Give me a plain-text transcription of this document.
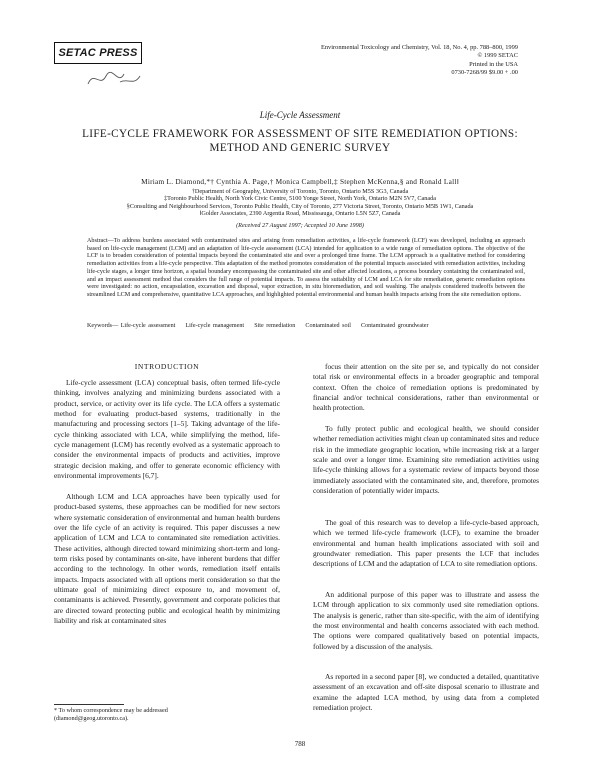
SETAC PRESS	Environmental Toxicology and Chemistry, Vol. 18, No. 4, pp. 788–800, 1999
© 1999 SETAC
Printed in the USA
0730-7268/99 $9.00 + .00
Life-Cycle Assessment
LIFE-CYCLE FRAMEWORK FOR ASSESSMENT OF SITE REMEDIATION OPTIONS:
METHOD AND GENERIC SURVEY
Miriam L. Diamond,*† Cynthia A. Page,† Monica Campbell,‡ Stephen McKenna,§ and Ronald Lall‖
†Department of Geography, University of Toronto, Toronto, Ontario M5S 3G3, Canada
‡Toronto Public Health, North York Civic Centre, 5100 Yonge Street, North York, Ontario M2N 5V7, Canada
§Consulting and Neighbourhood Services, Toronto Public Health, City of Toronto, 277 Victoria Street, Toronto, Ontario M5B 1W1, Canada
‖Golder Associates, 2390 Argentia Road, Mississauga, Ontario L5N 5Z7, Canada
(Received 27 August 1997; Accepted 10 June 1998)
Abstract—To address burdens associated with contaminated sites and arising from remediation activities, a life-cycle framework (LCF) was developed, including an approach based on life-cycle management (LCM) and an adaptation of life-cycle assessment (LCA) intended for application to a wide range of remediation options. The objective of the LCF is to broaden consideration of potential impacts beyond the contaminated site and over a prolonged time frame. The LCM approach is a qualitative method for considering remediation activities from a life-cycle perspective. This adaptation of the method promotes consideration of the potential impacts associated with remediation activities, including life-cycle stages, a longer time horizon, a spatial boundary encompassing the contaminated site and other affected locations, a process boundary containing the contaminated soil, and an impact assessment method that considers the full range of potential impacts. To assess the suitability of LCM and LCA for site remediation, generic remediation options were investigated: no action, encapsulation, excavation and disposal, vapor extraction, in situ bioremediation, and soil washing. The analysis considered tradeoffs between the streamlined LCM and comprehensive, quantitative LCA approaches, and highlighted potential environmental and human health impacts arising from the site remediation options.
Keywords— Life-cycle assessment Life-cycle management Site remediation Contaminated soil Contaminated groundwater
INTRODUCTION

Life-cycle assessment (LCA) conceptual basis, often termed life-cycle thinking, involves analyzing and minimizing burdens associated with a product, service, or activity over its life cycle. The LCA offers a systematic method for evaluating product-based systems, traditionally in the manufacturing and processing sectors [1–5]. Taking advantage of the life-cycle thinking associated with LCA, while simplifying the method, life-cycle management (LCM) has recently evolved as a systematic approach to consider the environmental impacts of products and activities, improve strategic decision making, and offer to generate economic efficiency with environmental improvements [6,7].

Although LCM and LCA approaches have been typically used for product-based systems, these approaches can be modified for new sectors where systematic consideration of environmental and human health burdens over the life cycle of an activity is required. This paper discusses a new application of LCM and LCA to contaminated site remediation activities. These activities, although directed toward minimizing short-term and long-term risks posed by contaminants on-site, have inherent burdens that differ according to the technology. In other words, remediation itself entails impacts. Impacts associated with all options merit consideration so that the ultimate goal of minimizing direct exposure to, and movement of, contaminants is achieved. Presently, government and corporate policies that are directed toward protecting public and ecological health by minimizing liability and risk at contaminated sites

focus their attention on the site per se, and typically do not consider total risk or environmental effects in a broader geographic and temporal context. Often the choice of remediation options is predominated by financial and/or technical considerations, rather than environmental or health protection.

To fully protect public and ecological health, we should consider whether remediation activities might clean up contaminated sites and reduce risk in the immediate geographic location, while increasing risk at a larger scale and over a longer time. Examining site remediation activities using life-cycle thinking allows for a systematic review of impacts beyond those immediately associated with the contaminated site, and, therefore, promotes consideration of potentially wider impacts.

The goal of this research was to develop a life-cycle-based approach, which we termed life-cycle framework (LCF), to examine the broader environmental and human health implications associated with soil and groundwater remediation. This paper presents the LCF that includes descriptions of LCM and the adaptation of LCA to site remediation options.

An additional purpose of this paper was to illustrate and assess the LCM through application to six commonly used site remediation options. The analysis is generic, rather than site-specific, with the aim of identifying the most environmental and health concerns associated with each method. The options were compared qualitatively based on potential impacts, followed by a discussion of the analysis.

As reported in a second paper [8], we conducted a detailed, quantitative assessment of an excavation and off-site disposal scenario to illustrate and examine the adapted LCA method, by using data from a completed remediation project.

* To whom correspondence may be addressed
(diamond@geog.utoronto.ca).
788
